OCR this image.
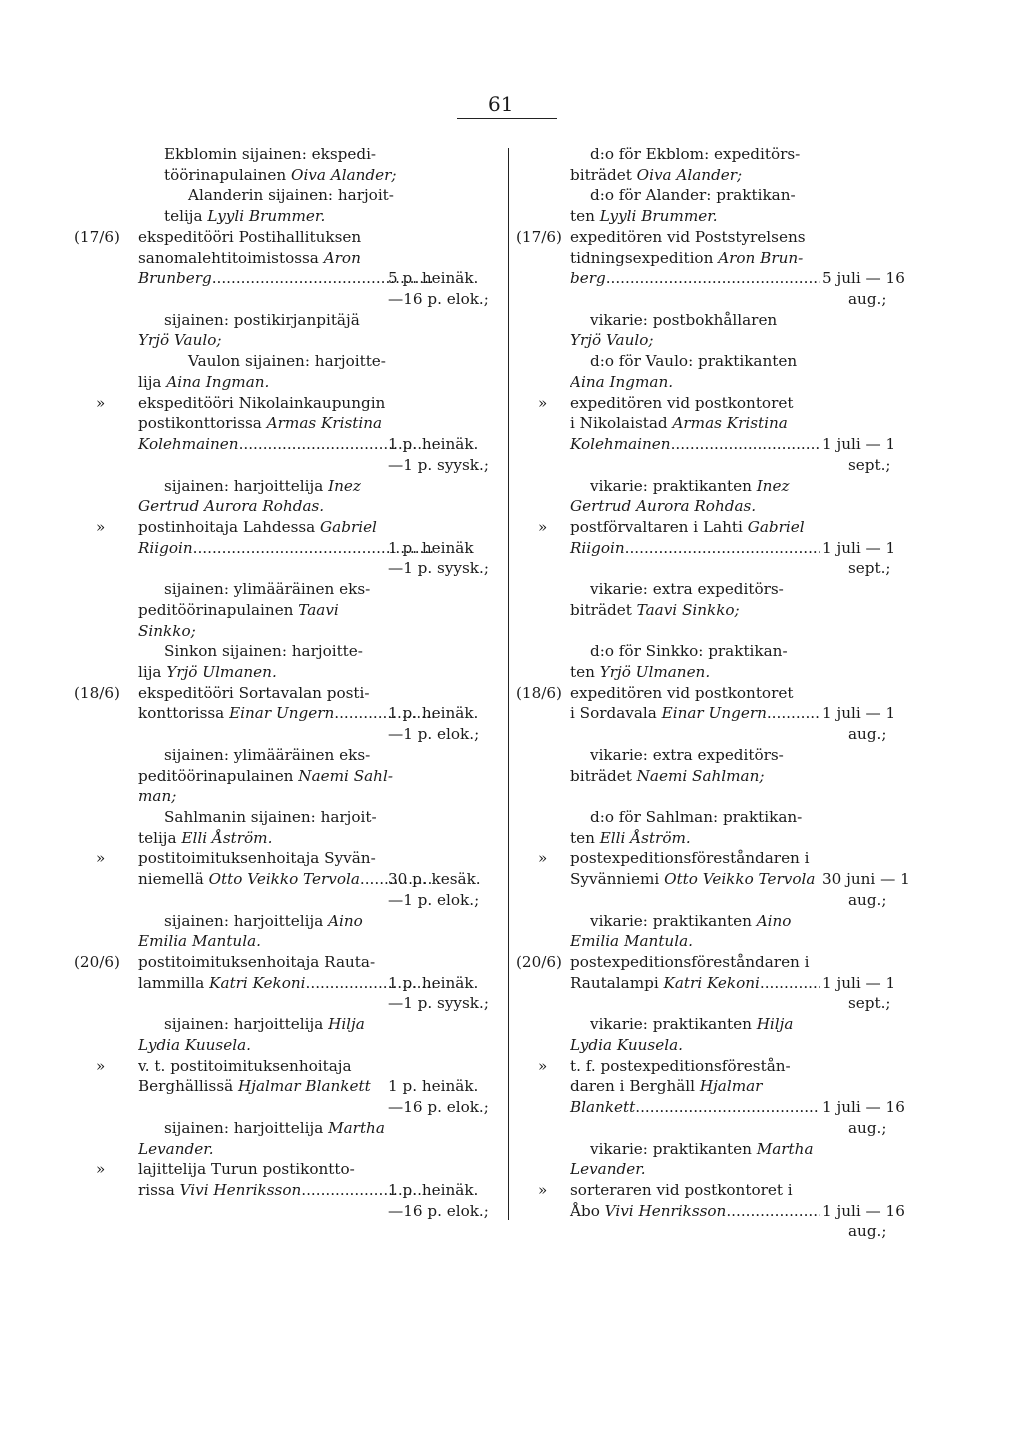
61
Ekblomin sijainen: ekspedi-
töörinapulainen Oiva Alander;
Alanderin sijainen: harjoit-
telija Lyyli Brummer.
(17/6) ekspeditööri Postihallituksen
sanomalehtitoimistossa Aron
Brunberg .....	5 p. heinäk.
—16 p. elok.;
sijainen: postikirjanpitäjä
Yrjö Vaulo;
Vaulon sijainen: harjoitte-
lija Aina Ingman.
» ekspeditööri Nikolainkaupungin
postikonttorissa Armas Kristina
Kolehmainen .....	1 p. heinäk.
—1 p. syysk.;
sijainen: harjoittelija Inez
Gertrud Aurora Rohdas.
» postinhoitaja Lahdessa Gabriel
Riigoin .....	1 p. heinäk
—1 p. syysk.;
sijainen: ylimääräinen eks-
peditöörinapulainen Taavi
Sinkko;
Sinkon sijainen: harjoitte-
lija Yrjö Ulmanen.
(18/6) ekspeditööri Sortavalan posti-
konttorissa
Einar Ungern .....	1 p. heinäk.
—1 p. elok.;
sijainen: ylimääräinen eks-
peditöörinapulainen Naemi Sahl-
man;
Sahlmanin sijainen: harjoit-
telija Elli Åström.
» postitoimituksenhoitaja Syvän-
niemellä
Otto Veikko Tervola ..... 30 p. kesäk.
—1 p. elok.;
sijainen: harjoittelija Aino
Emilia Mantula.
(20/6) postitoimituksenhoitaja Rauta-
lammilla
Katri Kekoni .....	1 p. heinäk.
—1 p. syysk.;
sijainen: harjoittelija Hilja
Lydia Kuusela.
» v. t. postitoimituksenhoitaja
Berghällissä Hjalmar Blankett	1 p. heinäk.
—16 p. elok.;
sijainen: harjoittelija Martha
Levander.
» lajittelija Turun postikontto-
rissa
Vivi Henriksson .....	1 p. heinäk.
—16 p. elok.;
d:o för Ekblom: expeditörs-
biträdet Oiva Alander;
d:o för Alander: praktikan-
ten Lyyli Brummer.
(17/6) expeditören vid Poststyrelsens
tidningsexpedition Aron Brun-
berg .....	5 juli — 16
aug.;
vikarie: postbokhållaren
Yrjö Vaulo;
d:o för Vaulo: praktikanten
Aina Ingman.
» expeditören vid postkontoret
i Nikolaistad Armas Kristina
Kolehmainen .....	1 juli — 1
sept.;
vikarie: praktikanten Inez
Gertrud Aurora Rohdas.
» postförvaltaren i Lahti Gabriel
Riigoin .....	1 juli — 1
sept.;
vikarie: extra expeditörs-
biträdet Taavi Sinkko;

d:o för Sinkko: praktikan-
ten Yrjö Ulmanen.
(18/6) expeditören vid postkontoret
i Sordavala
Einar Ungern .....	1 juli — 1
aug.;
vikarie: extra expeditörs-
biträdet Naemi Sahlman;

d:o för Sahlman: praktikan-
ten Elli Åström.
» postexpeditionsföreståndaren i
Syvänniemi Otto Veikko Tervola 30 juni — 1
aug.;
vikarie: praktikanten Aino
Emilia Mantula.
(20/6) postexpeditionsföreståndaren i
Rautalampi
Katri Kekoni .....	1 juli — 1
sept.;
vikarie: praktikanten Hilja
Lydia Kuusela.
» t. f. postexpeditionsförestån-
daren i Berghäll Hjalmar
Blankett .....	1 juli — 16
aug.;
vikarie: praktikanten Martha
Levander.
» sorteraren vid postkontoret i
Åbo
Vivi Henriksson .....	1 juli — 16
aug.;
